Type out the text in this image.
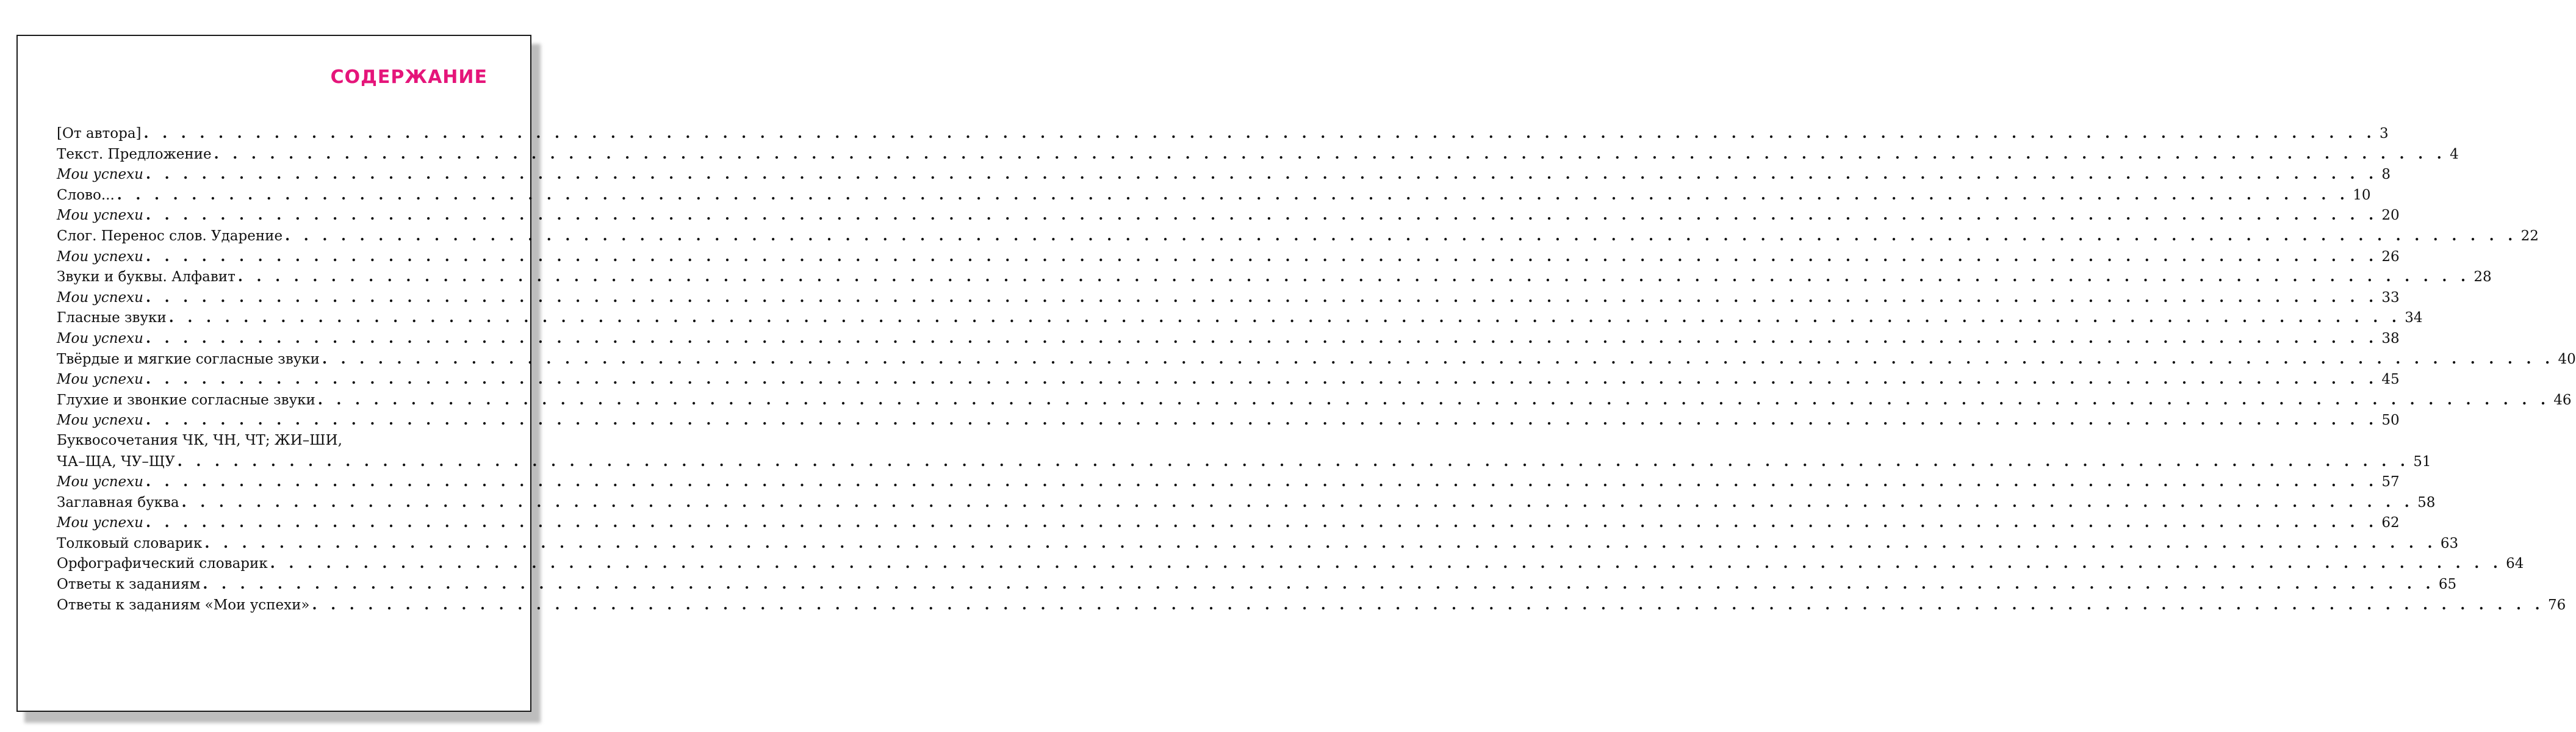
СОДЕРЖАНИЕ
[От автора] . . . . . . . . . . . . . . . . . . . . . . . . . . . . . . . . . . . . . . . . . . . . . . . . . . . . . . . . . . . . . . . . . . . . . . . . . . . . . . . . . . . . . . . . . . . . . . . . . . . . . . . . . . . . . . . . . . . . . . . . 3
Текст. Предложение . . . . . . . . . . . . . . . . . . . . . . . . . . . . . . . . . . . . . . . . . . . . . . . . . . . . . . . . . . . . . . . . . . . . . . . . . . . . . . . . . . . . . . . . . . . . . . . . . . . . . . . . . . . . . . . . . . . . . . . . 4
Мои успехи . . . . . . . . . . . . . . . . . . . . . . . . . . . . . . . . . . . . . . . . . . . . . . . . . . . . . . . . . . . . . . . . . . . . . . . . . . . . . . . . . . . . . . . . . . . . . . . . . . . . . . . . . . . . . . . . . . . . . . . . 8
Слово... . . . . . . . . . . . . . . . . . . . . . . . . . . . . . . . . . . . . . . . . . . . . . . . . . . . . . . . . . . . . . . . . . . . . . . . . . . . . . . . . . . . . . . . . . . . . . . . . . . . . . . . . . . . . . . . . . . . . . . . . 10
Мои успехи . . . . . . . . . . . . . . . . . . . . . . . . . . . . . . . . . . . . . . . . . . . . . . . . . . . . . . . . . . . . . . . . . . . . . . . . . . . . . . . . . . . . . . . . . . . . . . . . . . . . . . . . . . . . . . . . . . . . . . . . 20
Слог. Перенос слов. Ударение . . . . . . . . . . . . . . . . . . . . . . . . . . . . . . . . . . . . . . . . . . . . . . . . . . . . . . . . . . . . . . . . . . . . . . . . . . . . . . . . . . . . . . . . . . . . . . . . . . . . . . . . . . . . . . . . . . . . . . . . 22
Мои успехи . . . . . . . . . . . . . . . . . . . . . . . . . . . . . . . . . . . . . . . . . . . . . . . . . . . . . . . . . . . . . . . . . . . . . . . . . . . . . . . . . . . . . . . . . . . . . . . . . . . . . . . . . . . . . . . . . . . . . . . . 26
Звуки и буквы. Алфавит . . . . . . . . . . . . . . . . . . . . . . . . . . . . . . . . . . . . . . . . . . . . . . . . . . . . . . . . . . . . . . . . . . . . . . . . . . . . . . . . . . . . . . . . . . . . . . . . . . . . . . . . . . . . . . . . . . . . . . . . 28
Мои успехи . . . . . . . . . . . . . . . . . . . . . . . . . . . . . . . . . . . . . . . . . . . . . . . . . . . . . . . . . . . . . . . . . . . . . . . . . . . . . . . . . . . . . . . . . . . . . . . . . . . . . . . . . . . . . . . . . . . . . . . . 33
Гласные звуки . . . . . . . . . . . . . . . . . . . . . . . . . . . . . . . . . . . . . . . . . . . . . . . . . . . . . . . . . . . . . . . . . . . . . . . . . . . . . . . . . . . . . . . . . . . . . . . . . . . . . . . . . . . . . . . . . . . . . . . . 34
Мои успехи . . . . . . . . . . . . . . . . . . . . . . . . . . . . . . . . . . . . . . . . . . . . . . . . . . . . . . . . . . . . . . . . . . . . . . . . . . . . . . . . . . . . . . . . . . . . . . . . . . . . . . . . . . . . . . . . . . . . . . . . 38
Твёрдые и мягкие согласные звуки . . . . . . . . . . . . . . . . . . . . . . . . . . . . . . . . . . . . . . . . . . . . . . . . . . . . . . . . . . . . . . . . . . . . . . . . . . . . . . . . . . . . . . . . . . . . . . . . . . . . . . . . . . . . . . . . . . . . . . . . 40
Мои успехи . . . . . . . . . . . . . . . . . . . . . . . . . . . . . . . . . . . . . . . . . . . . . . . . . . . . . . . . . . . . . . . . . . . . . . . . . . . . . . . . . . . . . . . . . . . . . . . . . . . . . . . . . . . . . . . . . . . . . . . . 45
Глухие и звонкие согласные звуки . . . . . . . . . . . . . . . . . . . . . . . . . . . . . . . . . . . . . . . . . . . . . . . . . . . . . . . . . . . . . . . . . . . . . . . . . . . . . . . . . . . . . . . . . . . . . . . . . . . . . . . . . . . . . . . . . . . . . . . . 46
Мои успехи . . . . . . . . . . . . . . . . . . . . . . . . . . . . . . . . . . . . . . . . . . . . . . . . . . . . . . . . . . . . . . . . . . . . . . . . . . . . . . . . . . . . . . . . . . . . . . . . . . . . . . . . . . . . . . . . . . . . . . . . 50
Буквосочетания ЧК, ЧН, ЧТ; ЖИ–ШИ,
ЧА–ЩА, ЧУ–ЩУ . . . . . . . . . . . . . . . . . . . . . . . . . . . . . . . . . . . . . . . . . . . . . . . . . . . . . . . . . . . . . . . . . . . . . . . . . . . . . . . . . . . . . . . . . . . . . . . . . . . . . . . . . . . . . . . . . . . . . . . . 51
Мои успехи . . . . . . . . . . . . . . . . . . . . . . . . . . . . . . . . . . . . . . . . . . . . . . . . . . . . . . . . . . . . . . . . . . . . . . . . . . . . . . . . . . . . . . . . . . . . . . . . . . . . . . . . . . . . . . . . . . . . . . . . 57
Заглавная буква . . . . . . . . . . . . . . . . . . . . . . . . . . . . . . . . . . . . . . . . . . . . . . . . . . . . . . . . . . . . . . . . . . . . . . . . . . . . . . . . . . . . . . . . . . . . . . . . . . . . . . . . . . . . . . . . . . . . . . . . 58
Мои успехи . . . . . . . . . . . . . . . . . . . . . . . . . . . . . . . . . . . . . . . . . . . . . . . . . . . . . . . . . . . . . . . . . . . . . . . . . . . . . . . . . . . . . . . . . . . . . . . . . . . . . . . . . . . . . . . . . . . . . . . . 62
Толковый словарик . . . . . . . . . . . . . . . . . . . . . . . . . . . . . . . . . . . . . . . . . . . . . . . . . . . . . . . . . . . . . . . . . . . . . . . . . . . . . . . . . . . . . . . . . . . . . . . . . . . . . . . . . . . . . . . . . . . . . . . . 63
Орфографический словарик . . . . . . . . . . . . . . . . . . . . . . . . . . . . . . . . . . . . . . . . . . . . . . . . . . . . . . . . . . . . . . . . . . . . . . . . . . . . . . . . . . . . . . . . . . . . . . . . . . . . . . . . . . . . . . . . . . . . . . . . 64
Ответы к заданиям . . . . . . . . . . . . . . . . . . . . . . . . . . . . . . . . . . . . . . . . . . . . . . . . . . . . . . . . . . . . . . . . . . . . . . . . . . . . . . . . . . . . . . . . . . . . . . . . . . . . . . . . . . . . . . . . . . . . . . . . 65
Ответы к заданиям «Мои успехи» . . . . . . . . . . . . . . . . . . . . . . . . . . . . . . . . . . . . . . . . . . . . . . . . . . . . . . . . . . . . . . . . . . . . . . . . . . . . . . . . . . . . . . . . . . . . . . . . . . . . . . . . . . . . . . . . . . . . . . . . 76
